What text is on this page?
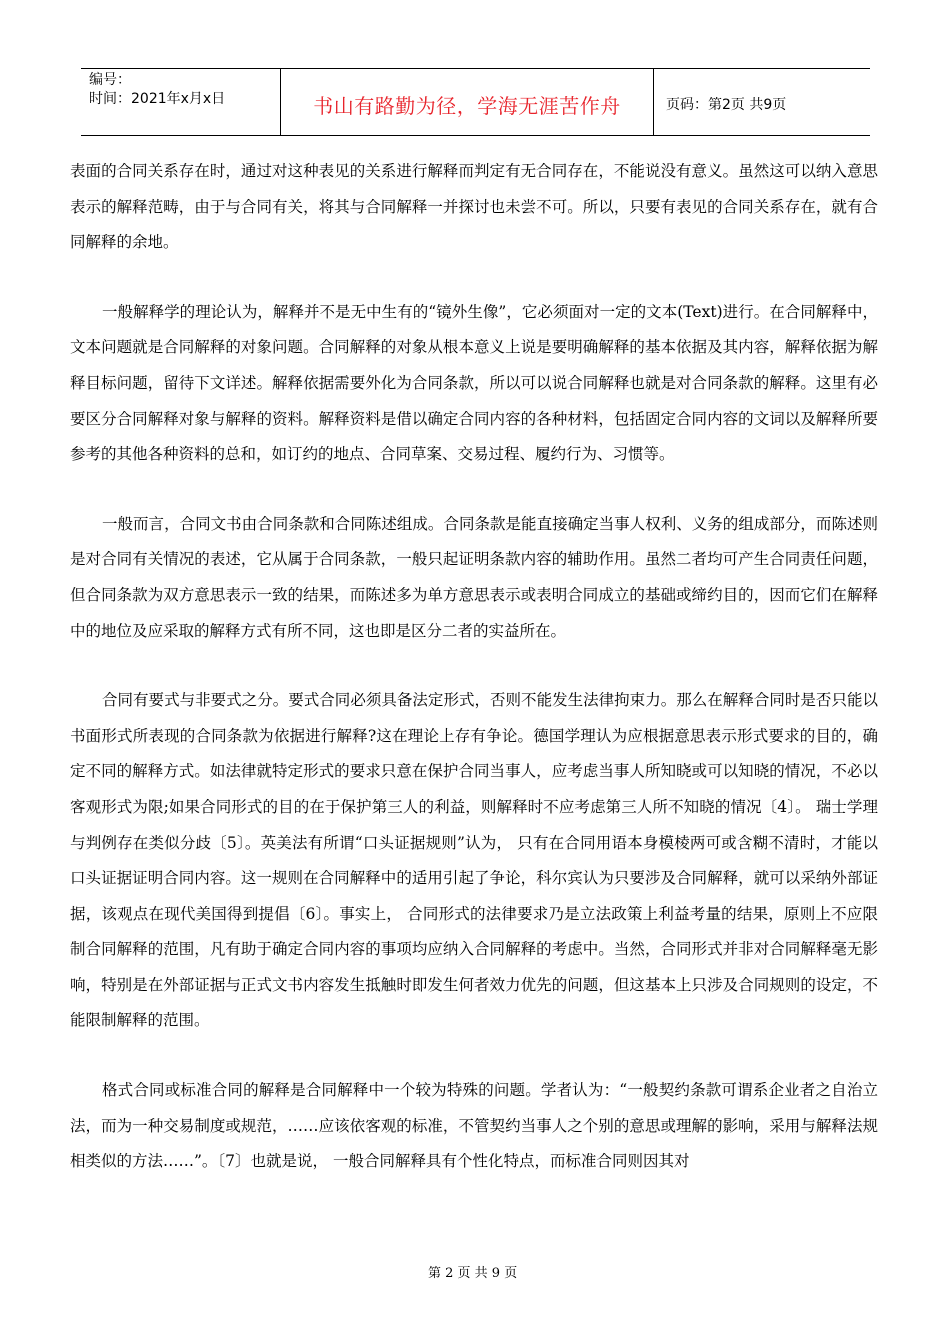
编号：
时间：2021年x月x日	书山有路勤为径，学海无涯苦作舟	页码：第2页 共9页

表面的合同关系存在时，通过对这种表见的关系进行解释而判定有无合同存在，不能说没有意义。虽然这可以纳入意思表示的解释范畴，由于与合同有关，将其与合同解释一并探讨也未尝不可。所以，只要有表见的合同关系存在，就有合同解释的余地。

一般解释学的理论认为，解释并不是无中生有的“镜外生像”，它必须面对一定的文本(Text)进行。在合同解释中，文本问题就是合同解释的对象问题。合同解释的对象从根本意义上说是要明确解释的基本依据及其内容，解释依据为解释目标问题，留待下文详述。解释依据需要外化为合同条款，所以可以说合同解释也就是对合同条款的解释。这里有必要区分合同解释对象与解释的资料。解释资料是借以确定合同内容的各种材料，包括固定合同内容的文词以及解释所要参考的其他各种资料的总和，如订约的地点、合同草案、交易过程、履约行为、习惯等。

一般而言，合同文书由合同条款和合同陈述组成。合同条款是能直接确定当事人权利、义务的组成部分，而陈述则是对合同有关情况的表述，它从属于合同条款，一般只起证明条款内容的辅助作用。虽然二者均可产生合同责任问题，但合同条款为双方意思表示一致的结果，而陈述多为单方意思表示或表明合同成立的基础或缔约目的，因而它们在解释中的地位及应采取的解释方式有所不同，这也即是区分二者的实益所在。

合同有要式与非要式之分。要式合同必须具备法定形式，否则不能发生法律拘束力。那么在解释合同时是否只能以书面形式所表现的合同条款为依据进行解释?这在理论上存有争论。德国学理认为应根据意思表示形式要求的目的，确定不同的解释方式。如法律就特定形式的要求只意在保护合同当事人，应考虑当事人所知晓或可以知晓的情况，不必以客观形式为限;如果合同形式的目的在于保护第三人的利益，则解释时不应考虑第三人所不知晓的情况〔4〕。 瑞士学理与判例存在类似分歧〔5〕。英美法有所谓“口头证据规则”认为， 只有在合同用语本身模棱两可或含糊不清时，才能以口头证据证明合同内容。这一规则在合同解释中的适用引起了争论，科尔宾认为只要涉及合同解释，就可以采纳外部证据，该观点在现代美国得到提倡〔6〕。事实上， 合同形式的法律要求乃是立法政策上利益考量的结果，原则上不应限制合同解释的范围，凡有助于确定合同内容的事项均应纳入合同解释的考虑中。当然，合同形式并非对合同解释毫无影响，特别是在外部证据与正式文书内容发生抵触时即发生何者效力优先的问题，但这基本上只涉及合同规则的设定，不能限制解释的范围。

格式合同或标准合同的解释是合同解释中一个较为特殊的问题。学者认为：“一般契约条款可谓系企业者之自治立法，而为一种交易制度或规范，……应该依客观的标准，不管契约当事人之个别的意思或理解的影响，采用与解释法规相类似的方法……”。〔7〕也就是说， 一般合同解释具有个性化特点，而标准合同则因其对

第 2 页 共 9 页
